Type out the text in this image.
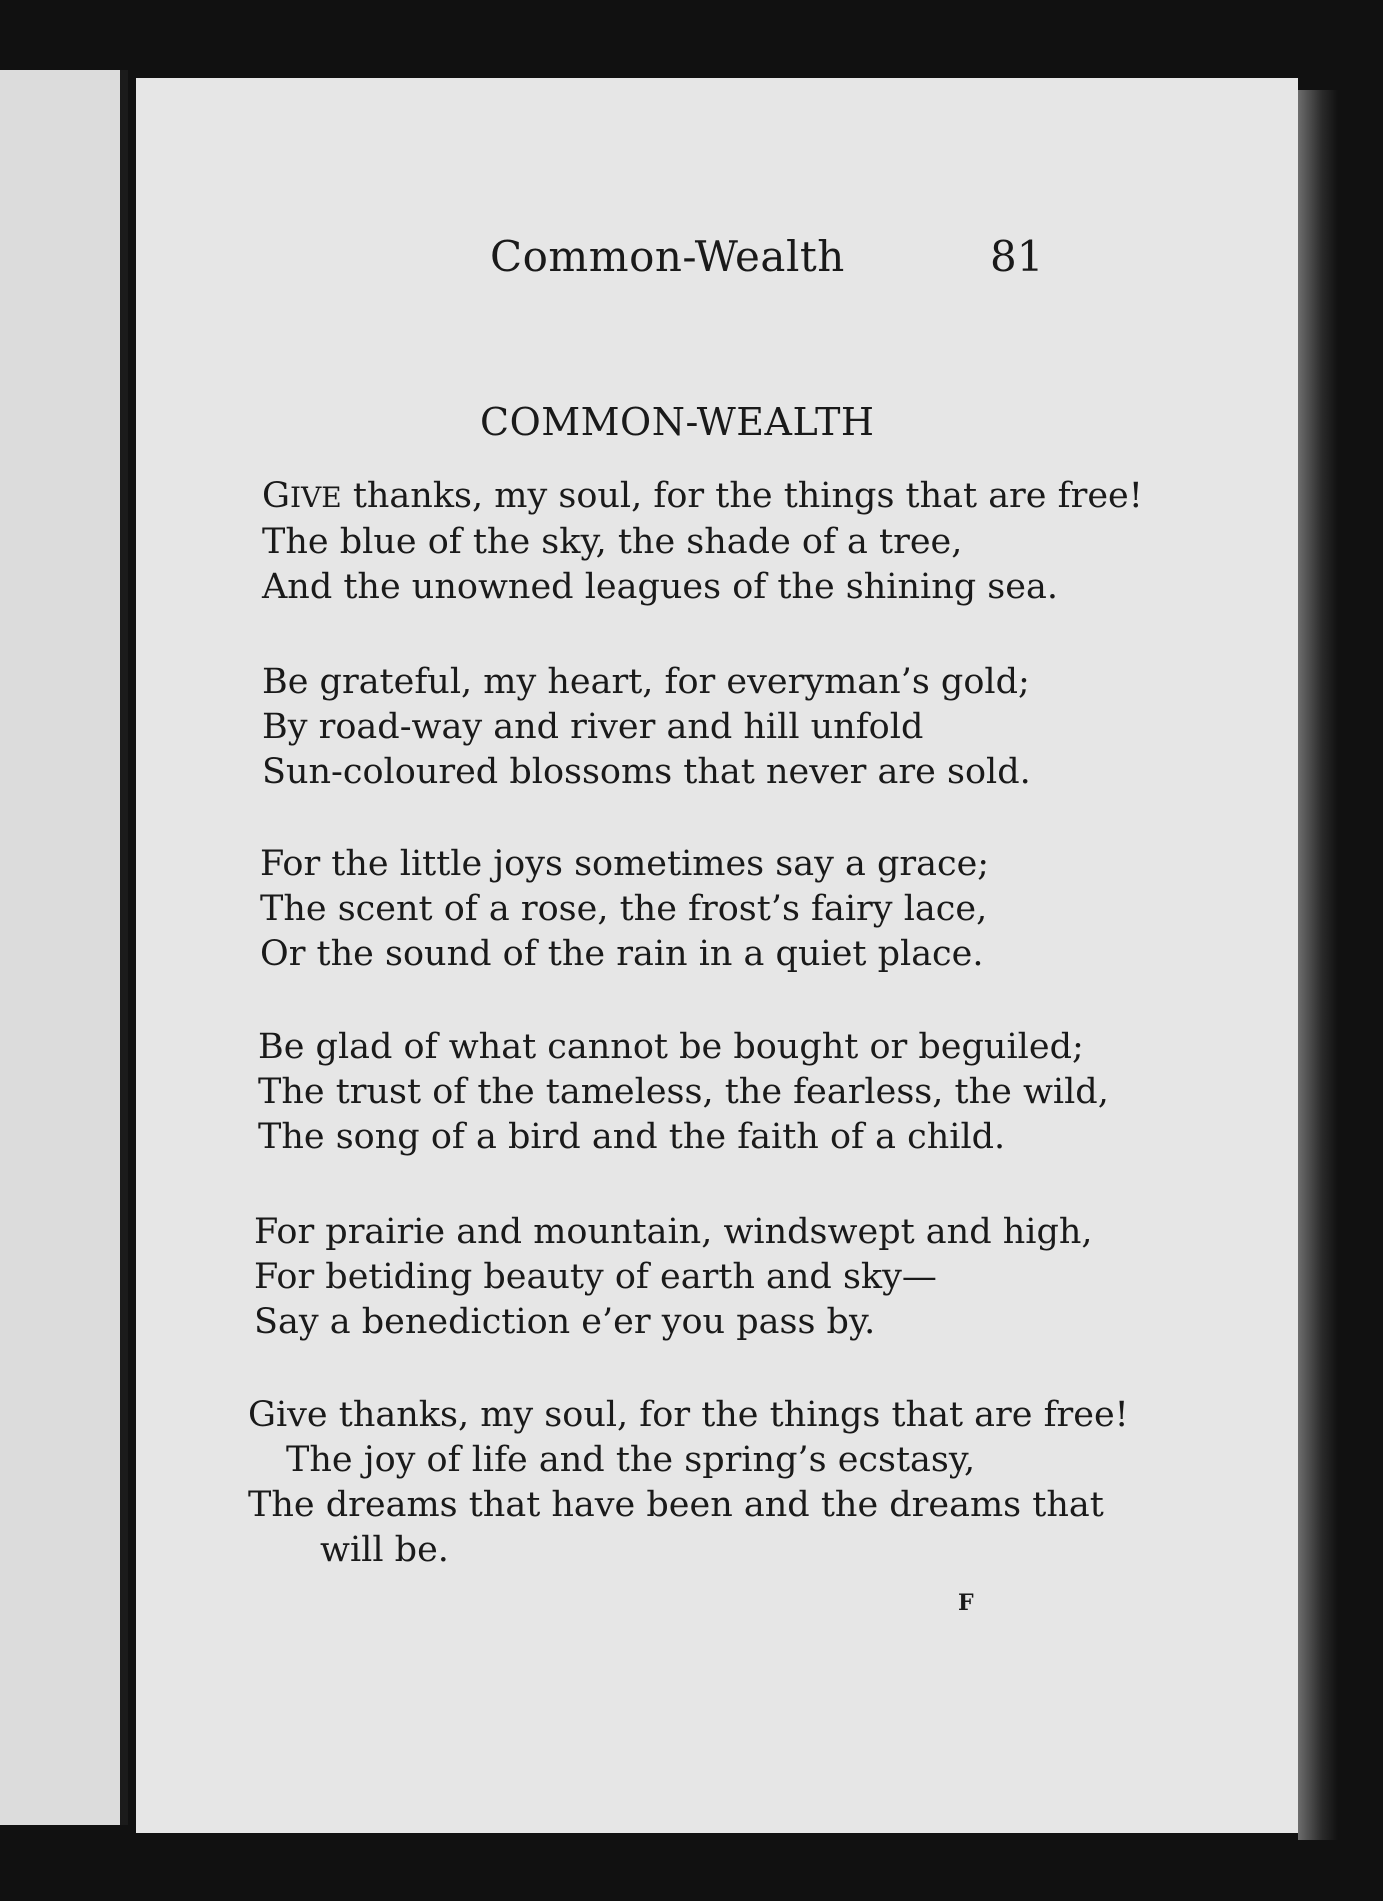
Common-Wealth	81
COMMON-WEALTH
GIVE thanks, my soul, for the things that are free!
The blue of the sky, the shade of a tree,
And the unowned leagues of the shining sea.
Be grateful, my heart, for everyman’s gold;
By road-way and river and hill unfold
Sun-coloured blossoms that never are sold.
For the little joys sometimes say a grace;
The scent of a rose, the frost’s fairy lace,
Or the sound of the rain in a quiet place.
Be glad of what cannot be bought or beguiled;
The trust of the tameless, the fearless, the wild,
The song of a bird and the faith of a child.
For prairie and mountain, windswept and high,
For betiding beauty of earth and sky—
Say a benediction e’er you pass by.
Give thanks, my soul, for the things that are free!
The joy of life and the spring’s ecstasy,
The dreams that have been and the dreams that
will be.
F
